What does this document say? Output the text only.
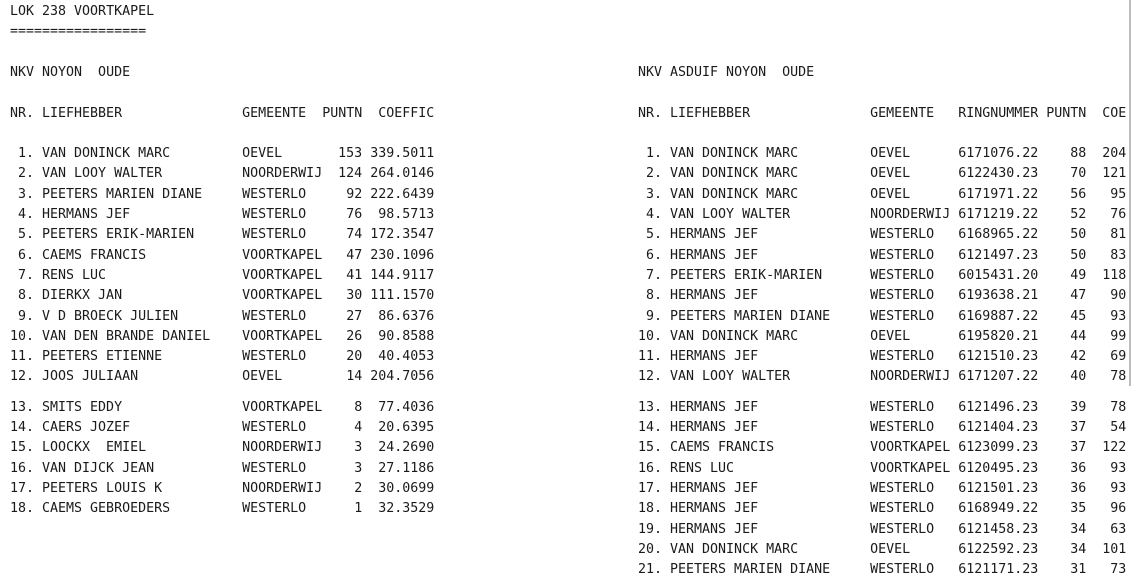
LOK 238 VOORTKAPEL
=================
NKV NOYON  OUDE
NR. LIEFHEBBER	GEMEENTE PUNTN COEFFIC
1. VAN DONINCK MARC	OEVEL	153 339.5011
2. VAN LOOY WALTER	NOORDERWIJ 124 264.0146
3. PEETERS MARIEN DIANE	WESTERLO	92 222.6439
4. HERMANS JEF	WESTERLO	76 98.5713
5. PEETERS ERIK-MARIEN	WESTERLO	74 172.3547
6. CAEMS FRANCIS	VOORTKAPEL 47 230.1096
7. RENS LUC	VOORTKAPEL 41 144.9117
8. DIERKX JAN	VOORTKAPEL 30 111.1570
9. V D BROECK JULIEN	WESTERLO	27 86.6376
10. VAN DEN BRANDE DANIEL VOORTKAPEL 26 90.8588
11. PEETERS ETIENNE	WESTERLO	20 40.4053
12. JOOS JULIAAN	OEVEL	14 204.7056
13. SMITS EDDY	VOORTKAPEL 8 77.4036
14. CAERS JOZEF	WESTERLO	4 20.6395
15. LOOCKX  EMIEL	NOORDERWIJ 3 24.2690
16. VAN DIJCK JEAN	WESTERLO	3 27.1186
17. PEETERS LOUIS K	NOORDERWIJ 2 30.0699
18. CAEMS GEBROEDERS	WESTERLO	1 32.3529
NKV ASDUIF NOYON  OUDE
NR. LIEFHEBBER	GEMEENTE RINGNUMMER PUNTN COE
1. VAN DONINCK MARC	OEVEL	6171076.22 88 204
2. VAN DONINCK MARC	OEVEL	6122430.23 70 121
3. VAN DONINCK MARC	OEVEL	6171971.22 56 95
4. VAN LOOY WALTER	NOORDERWIJ 6171219.22 52 76
5. HERMANS JEF	WESTERLO 6168965.22 50 81
6. HERMANS JEF	WESTERLO 6121497.23 50 83
7. PEETERS ERIK-MARIEN	WESTERLO 6015431.20 49 118
8. HERMANS JEF	WESTERLO 6193638.21 47 90
9. PEETERS MARIEN DIANE	WESTERLO 6169887.22 45 93
10. VAN DONINCK MARC	OEVEL	6195820.21 44 99
11. HERMANS JEF	WESTERLO 6121510.23 42 69
12. VAN LOOY WALTER	NOORDERWIJ 6171207.22 40 78
13. HERMANS JEF	WESTERLO 6121496.23 39 78
14. HERMANS JEF	WESTERLO 6121404.23 37 54
15. CAEMS FRANCIS	VOORTKAPEL 6123099.23 37 122
16. RENS LUC	VOORTKAPEL 6120495.23 36 93
17. HERMANS JEF	WESTERLO 6121501.23 36 93
18. HERMANS JEF	WESTERLO 6168949.22 35 96
19. HERMANS JEF	WESTERLO 6121458.23 34 63
20. VAN DONINCK MARC	OEVEL	6122592.23 34 101
21. PEETERS MARIEN DIANE	WESTERLO 6121171.23 31 73
